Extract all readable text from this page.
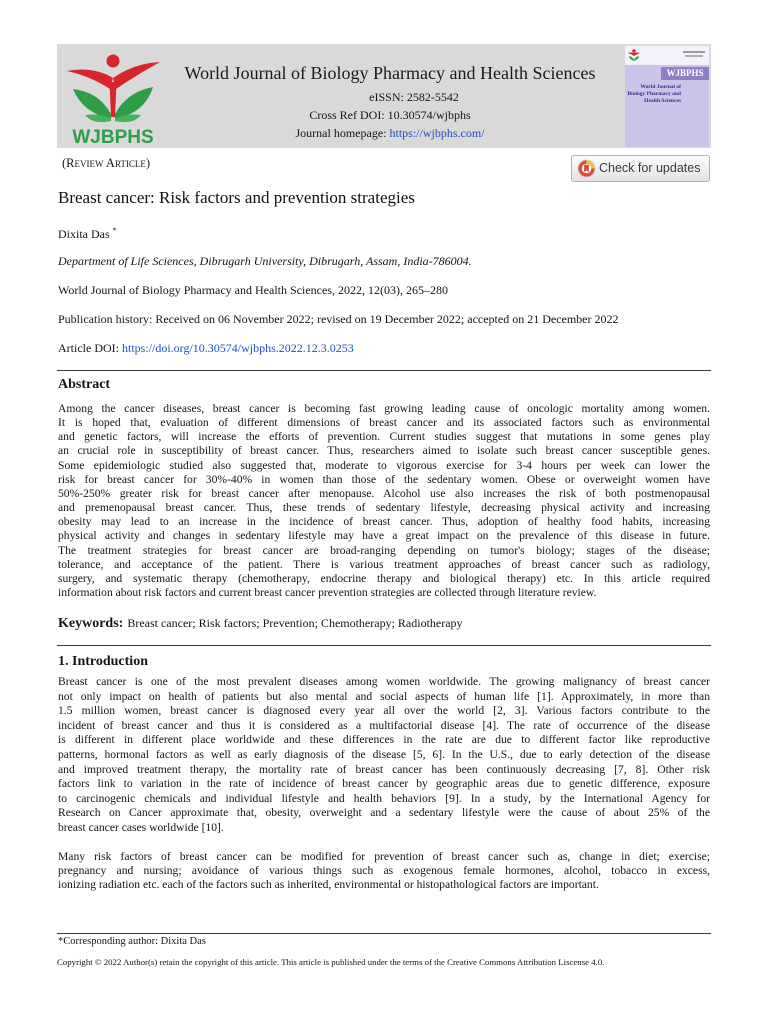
WJBPHS
World Journal of Biology Pharmacy and Health Sciences
eISSN: 2582-5542
Cross Ref DOI: 10.30574/wjbphs
Journal homepage: https://wjbphs.com/
WJBPHS
World Journal of Biology Pharmacy and Health Sciences
(Review Article)	Check for updates
Breast cancer: Risk factors and prevention strategies
Dixita Das *
Department of Life Sciences, Dibrugarh University, Dibrugarh, Assam, India-786004.
World Journal of Biology Pharmacy and Health Sciences, 2022, 12(03), 265–280
Publication history: Received on 06 November 2022; revised on 19 December 2022; accepted on 21 December 2022
Article DOI: https://doi.org/10.30574/wjbphs.2022.12.3.0253
Abstract
Among the cancer diseases, breast cancer is becoming fast growing leading cause of oncologic mortality among women.
It is hoped that, evaluation of different dimensions of breast cancer and its associated factors such as environmental
and genetic factors, will increase the efforts of prevention. Current studies suggest that mutations in some genes play
an crucial role in susceptibility of breast cancer. Thus, researchers aimed to isolate such breast cancer susceptible genes.
Some epidemiologic studied also suggested that, moderate to vigorous exercise for 3-4 hours per week can lower the
risk for breast cancer for 30%-40% in women than those of the sedentary women. Obese or overweight women have
50%-250% greater risk for breast cancer after menopause. Alcohol use also increases the risk of both postmenopausal
and premenopausal breast cancer. Thus, these trends of sedentary lifestyle, decreasing physical activity and increasing
obesity may lead to an increase in the incidence of breast cancer. Thus, adoption of healthy food habits, increasing
physical activity and changes in sedentary lifestyle may have a great impact on the prevalence of this disease in future.
The treatment strategies for breast cancer are broad-ranging depending on tumor's biology; stages of the disease;
tolerance, and acceptance of the patient. There is various treatment approaches of breast cancer such as radiology,
surgery, and systematic therapy (chemotherapy, endocrine therapy and biological therapy) etc. In this article required
information about risk factors and current breast cancer prevention strategies are collected through literature review.
Keywords: Breast cancer; Risk factors; Prevention; Chemotherapy; Radiotherapy
1. Introduction
Breast cancer is one of the most prevalent diseases among women worldwide. The growing malignancy of breast cancer
not only impact on health of patients but also mental and social aspects of human life [1]. Approximately, in more than
1.5 million women, breast cancer is diagnosed every year all over the world [2, 3]. Various factors contribute to the
incident of breast cancer and thus it is considered as a multifactorial disease [4]. The rate of occurrence of the disease
is different in different place worldwide and these differences in the rate are due to different factor like reproductive
patterns, hormonal factors as well as early diagnosis of the disease [5, 6]. In the U.S., due to early detection of the disease
and improved treatment therapy, the mortality rate of breast cancer has been continuously decreasing [7, 8]. Other risk
factors link to variation in the rate of incidence of breast cancer by geographic areas due to genetic difference, exposure
to carcinogenic chemicals and individual lifestyle and health behaviors [9]. In a study, by the International Agency for
Research on Cancer approximate that, obesity, overweight and a sedentary lifestyle were the cause of about 25% of the
breast cancer cases worldwide [10].
Many risk factors of breast cancer can be modified for prevention of breast cancer such as, change in diet; exercise;
pregnancy and nursing; avoidance of various things such as exogenous female hormones, alcohol, tobacco in excess,
ionizing radiation etc. each of the factors such as inherited, environmental or histopathological factors are important.
*Corresponding author: Dixita Das
Copyright © 2022 Author(s) retain the copyright of this article. This article is published under the terms of the Creative Commons Attribution Liscense 4.0.
